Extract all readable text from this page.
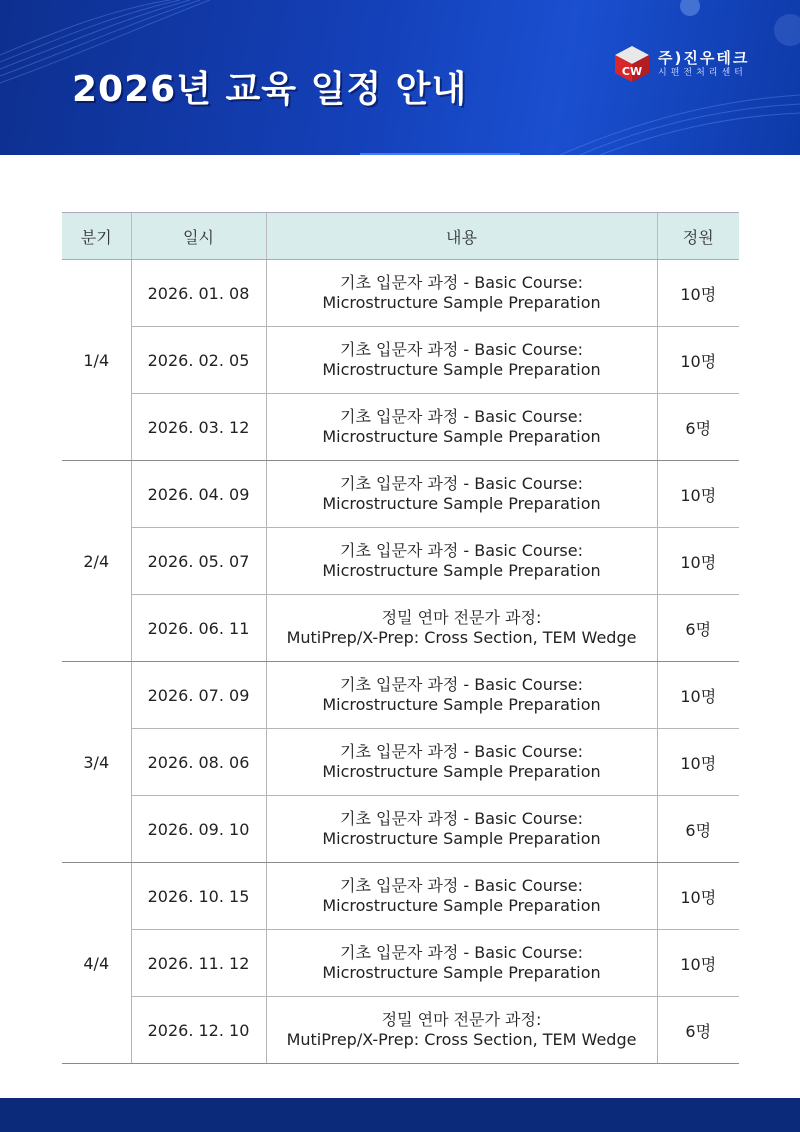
2026년 교육 일정 안내	CW
주)진우테크
시편전처리센터
분기	일시	내용	정원
1/4	2026. 01. 08	기초 입문자 과정 - Basic Course:
Microstructure Sample Preparation	10명
	2026. 02. 05	기초 입문자 과정 - Basic Course:
Microstructure Sample Preparation	10명
	2026. 03. 12	기초 입문자 과정 - Basic Course:
Microstructure Sample Preparation	6명
2/4	2026. 04. 09	기초 입문자 과정 - Basic Course:
Microstructure Sample Preparation	10명
	2026. 05. 07	기초 입문자 과정 - Basic Course:
Microstructure Sample Preparation	10명
	2026. 06. 11	정밀 연마 전문가 과정:
MutiPrep/X-Prep: Cross Section, TEM Wedge	6명
3/4	2026. 07. 09	기초 입문자 과정 - Basic Course:
Microstructure Sample Preparation	10명
	2026. 08. 06	기초 입문자 과정 - Basic Course:
Microstructure Sample Preparation	10명
	2026. 09. 10	기초 입문자 과정 - Basic Course:
Microstructure Sample Preparation	6명
4/4	2026. 10. 15	기초 입문자 과정 - Basic Course:
Microstructure Sample Preparation	10명
	2026. 11. 12	기초 입문자 과정 - Basic Course:
Microstructure Sample Preparation	10명
	2026. 12. 10	정밀 연마 전문가 과정:
MutiPrep/X-Prep: Cross Section, TEM Wedge	6명
